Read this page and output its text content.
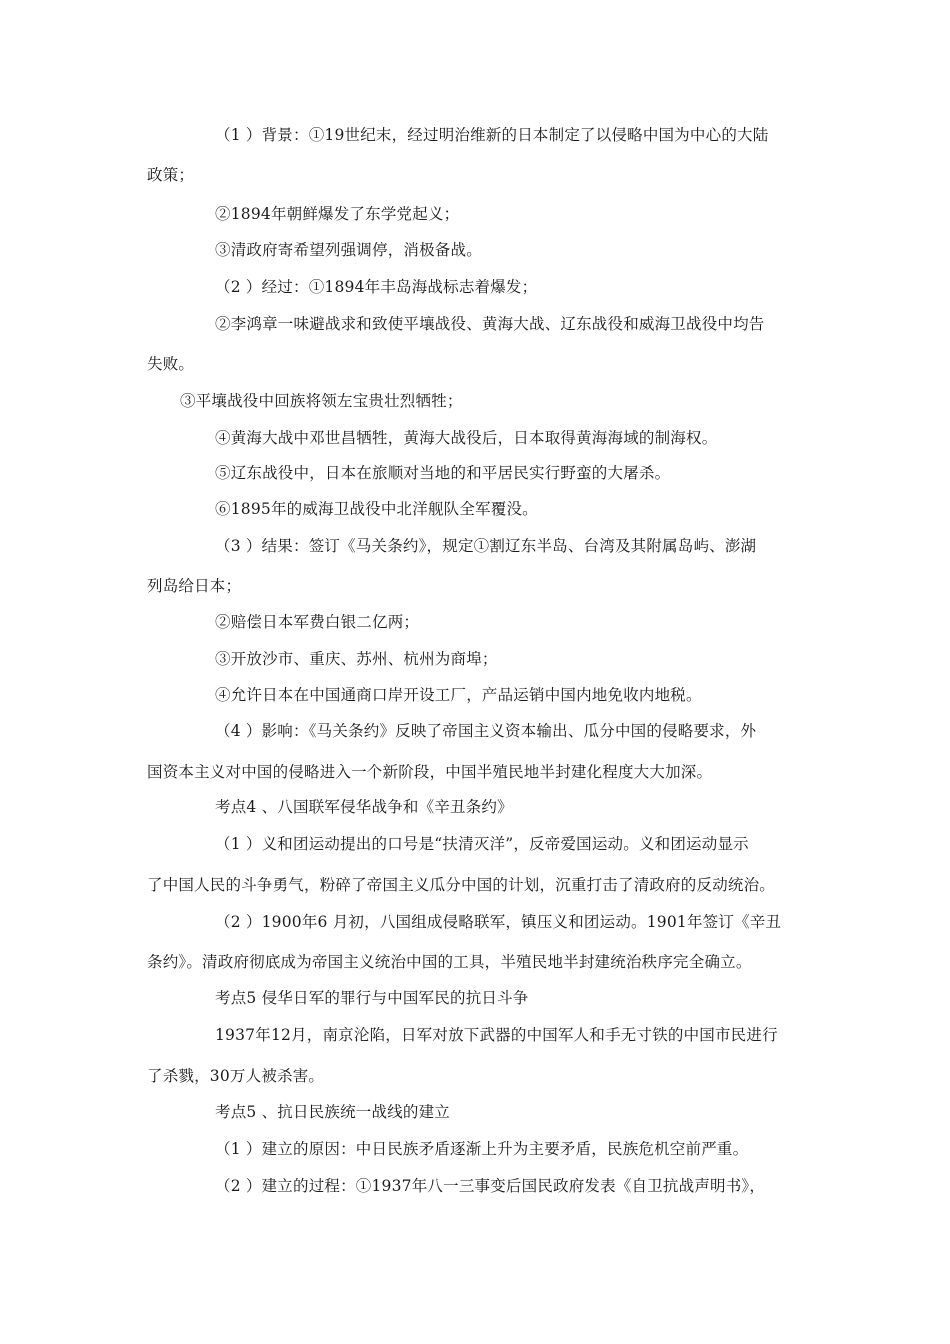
（1 ）背景：①19世纪末，经过明治维新的日本制定了以侵略中国为中心的大陆
政策；
②1894年朝鲜爆发了东学党起义；
③清政府寄希望列强调停，消极备战。
（2 ）经过：①1894年丰岛海战标志着爆发；
②李鸿章一味避战求和致使平壤战役、黄海大战、辽东战役和威海卫战役中均告
失败。
③平壤战役中回族将领左宝贵壮烈牺牲；
④黄海大战中邓世昌牺牲，黄海大战役后，日本取得黄海海域的制海权。
⑤辽东战役中，日本在旅顺对当地的和平居民实行野蛮的大屠杀。
⑥1895年的威海卫战役中北洋舰队全军覆没。
（3 ）结果：签订《马关条约》，规定①割辽东半岛、台湾及其附属岛屿、澎湖
列岛给日本；
②赔偿日本军费白银二亿两；
③开放沙市、重庆、苏州、杭州为商埠；
④允许日本在中国通商口岸开设工厂，产品运销中国内地免收内地税。
（4 ）影响：《马关条约》反映了帝国主义资本输出、瓜分中国的侵略要求，外
国资本主义对中国的侵略进入一个新阶段，中国半殖民地半封建化程度大大加深。
考点4 、八国联军侵华战争和《辛丑条约》
（1 ）义和团运动提出的口号是“扶清灭洋”，反帝爱国运动。义和团运动显示
了中国人民的斗争勇气，粉碎了帝国主义瓜分中国的计划，沉重打击了清政府的反动统治。
（2 ）1900年6 月初，八国组成侵略联军，镇压义和团运动。1901年签订《辛丑
条约》。清政府彻底成为帝国主义统治中国的工具，半殖民地半封建统治秩序完全确立。
考点5 侵华日军的罪行与中国军民的抗日斗争
1937年12月，南京沦陷，日军对放下武器的中国军人和手无寸铁的中国市民进行
了杀戮，30万人被杀害。
考点5 、抗日民族统一战线的建立
（1 ）建立的原因：中日民族矛盾逐渐上升为主要矛盾，民族危机空前严重。
（2 ）建立的过程：①1937年八一三事变后国民政府发表《自卫抗战声明书》，
